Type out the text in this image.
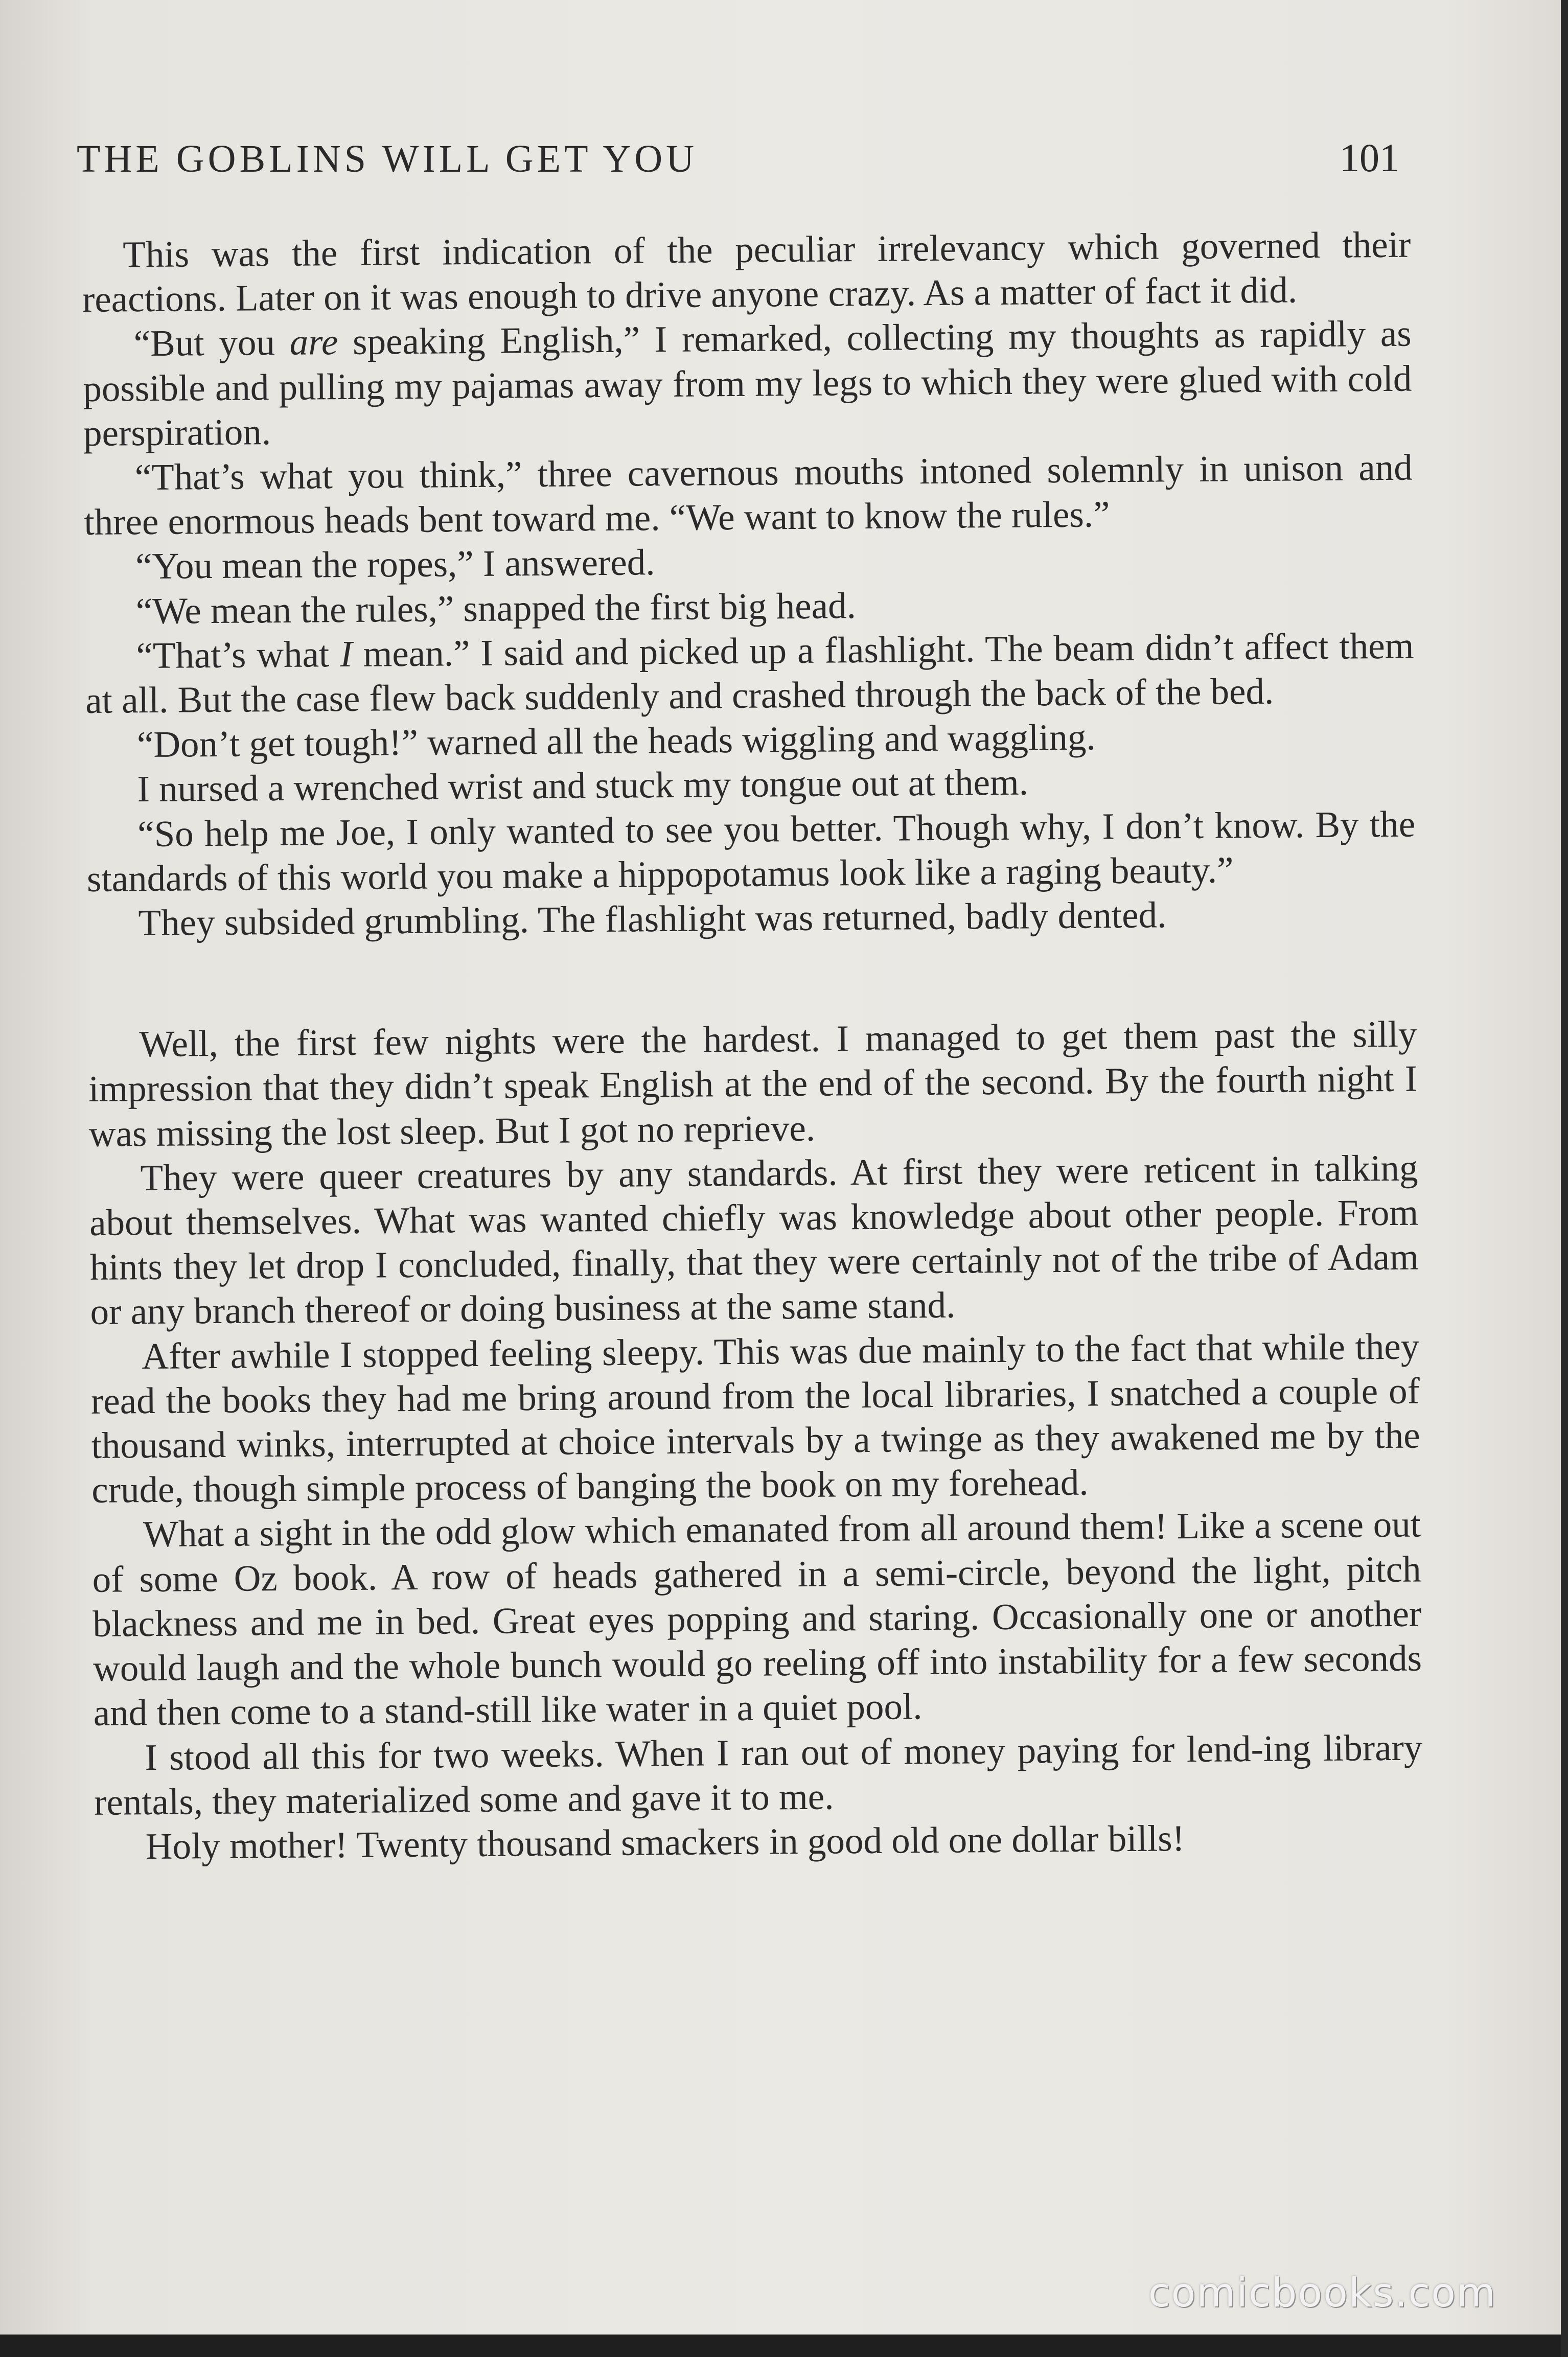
THE GOBLINS WILL GET YOU	101

This was the first indication of the peculiar irrelevancy which governed their reactions. Later on it was enough to drive anyone crazy. As a matter of fact it did.

“But you are speaking English,” I remarked, collecting my thoughts as rapidly as possible and pulling my pajamas away from my legs to which they were glued with cold perspiration.

“That’s what you think,” three cavernous mouths intoned solemnly in unison and three enormous heads bent toward me. “We want to know the rules.”

“You mean the ropes,” I answered.

“We mean the rules,” snapped the first big head.

“That’s what I mean.” I said and picked up a flashlight. The beam didn’t affect them at all. But the case flew back suddenly and crashed through the back of the bed.

“Don’t get tough!” warned all the heads wiggling and waggling.

I nursed a wrenched wrist and stuck my tongue out at them.

“So help me Joe, I only wanted to see you better. Though why, I don’t know. By the standards of this world you make a hippopotamus look like a raging beauty.”

They subsided grumbling. The flashlight was returned, badly dented.

Well, the first few nights were the hardest. I managed to get them past the silly impression that they didn’t speak English at the end of the second. By the fourth night I was missing the lost sleep. But I got no reprieve.

They were queer creatures by any standards. At first they were reticent in talking about themselves. What was wanted chiefly was knowledge about other people. From hints they let drop I concluded, finally, that they were certainly not of the tribe of Adam or any branch thereof or doing business at the same stand.

After awhile I stopped feeling sleepy. This was due mainly to the fact that while they read the books they had me bring around from the local libraries, I snatched a couple of thousand winks, interrupted at choice intervals by a twinge as they awakened me by the crude, though simple process of banging the book on my forehead.

What a sight in the odd glow which emanated from all around them! Like a scene out of some Oz book. A row of heads gathered in a semi-circle, beyond the light, pitch blackness and me in bed. Great eyes popping and staring. Occasionally one or another would laugh and the whole bunch would go reeling off into instability for a few seconds and then come to a stand-still like water in a quiet pool.

I stood all this for two weeks. When I ran out of money paying for lend-ing library rentals, they materialized some and gave it to me.

Holy mother! Twenty thousand smackers in good old one dollar bills!

comicbooks.com
